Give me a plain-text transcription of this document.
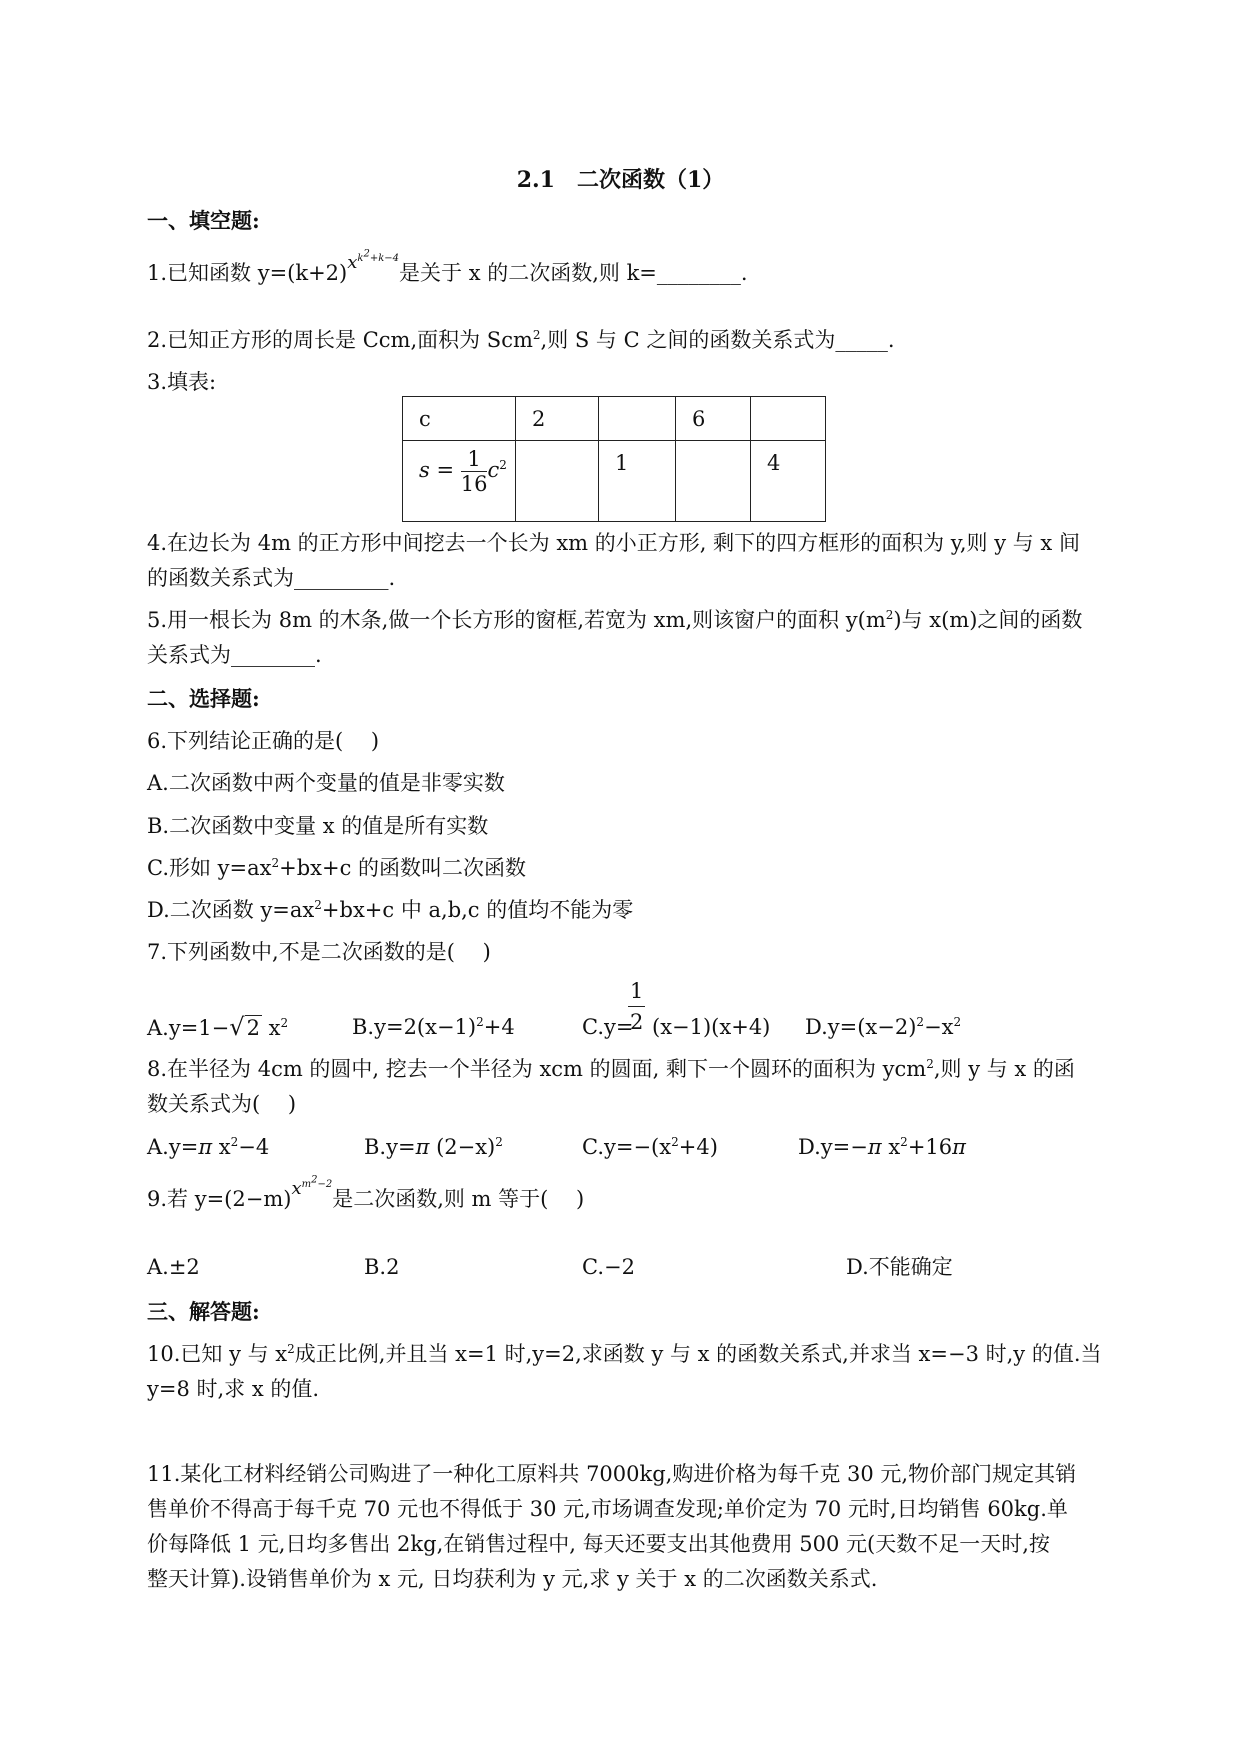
2.1　二次函数（1）
一、填空题:
1.已知函数 $y=(k+2)x^{k^2+k-4}$是关于 x 的二次函数,则 k=________.
2.已知正方形的周长是 Ccm,面积为 Scm$^2$,则 S 与 C 之间的函数关系式为_____.
3.填表:
c	2		6	
$s = \frac{1}{16} c^2$		1		4
4.在边长为 4m 的正方形中间挖去一个长为 xm 的小正方形, 剩下的四方框形的面积为 y,则 y 与 x 间
的函数关系式为_________.
5.用一根长为 8m 的木条,做一个长方形的窗框,若宽为 xm,则该窗户的面积 $y(m^2)$与 x(m)之间的函数
关系式为________.
二、选择题:
6.下列结论正确的是(　 )
A.二次函数中两个变量的值是非零实数
B.二次函数中变量 x 的值是所有实数
C.形如 $y=ax^2+bx+c$ 的函数叫二次函数
D.二次函数 $y=ax^2+bx+c$ 中 a,b,c 的值均不能为零
7.下列函数中,不是二次函数的是(　 )
A.y=1−√2 $x^2$	$B.y=2(x-1)^2+4$	C.y=
$\frac{1}{2} (x-1)(x+4)$ $D.y=(x-2)^2-x^2$
8.在半径为 4cm 的圆中, 挖去一个半径为 xcm 的圆面, 剩下一个圆环的面积为 ycm$^2$,则 y 与 x 的函
数关系式为(　 )
A.y=π $x^2-4$	B.y=π $(2-x)^2$	$C.y=-(x^2+4)$	D.y=−π $x^2+16\pi$
9.若 $y=(2-m)x^{m^2-2}$是二次函数,则 m 等于(　 )
A.±2	B.2	C.−2	D.不能确定
三、解答题:
10.已知 y 与 $x^2$成正比例,并且当 x=1 时,y=2,求函数 y 与 x 的函数关系式,并求当 x=−3 时,y 的值.当
y=8 时,求 x 的值.
11.某化工材料经销公司购进了一种化工原料共 7000kg,购进价格为每千克 30 元,物价部门规定其销
售单价不得高于每千克 70 元也不得低于 30 元,市场调查发现;单价定为 70 元时,日均销售 60kg.单
价每降低 1 元,日均多售出 2kg,在销售过程中, 每天还要支出其他费用 500 元(天数不足一天时,按
整天计算).设销售单价为 x 元, 日均获利为 y 元,求 y 关于 x 的二次函数关系式.
